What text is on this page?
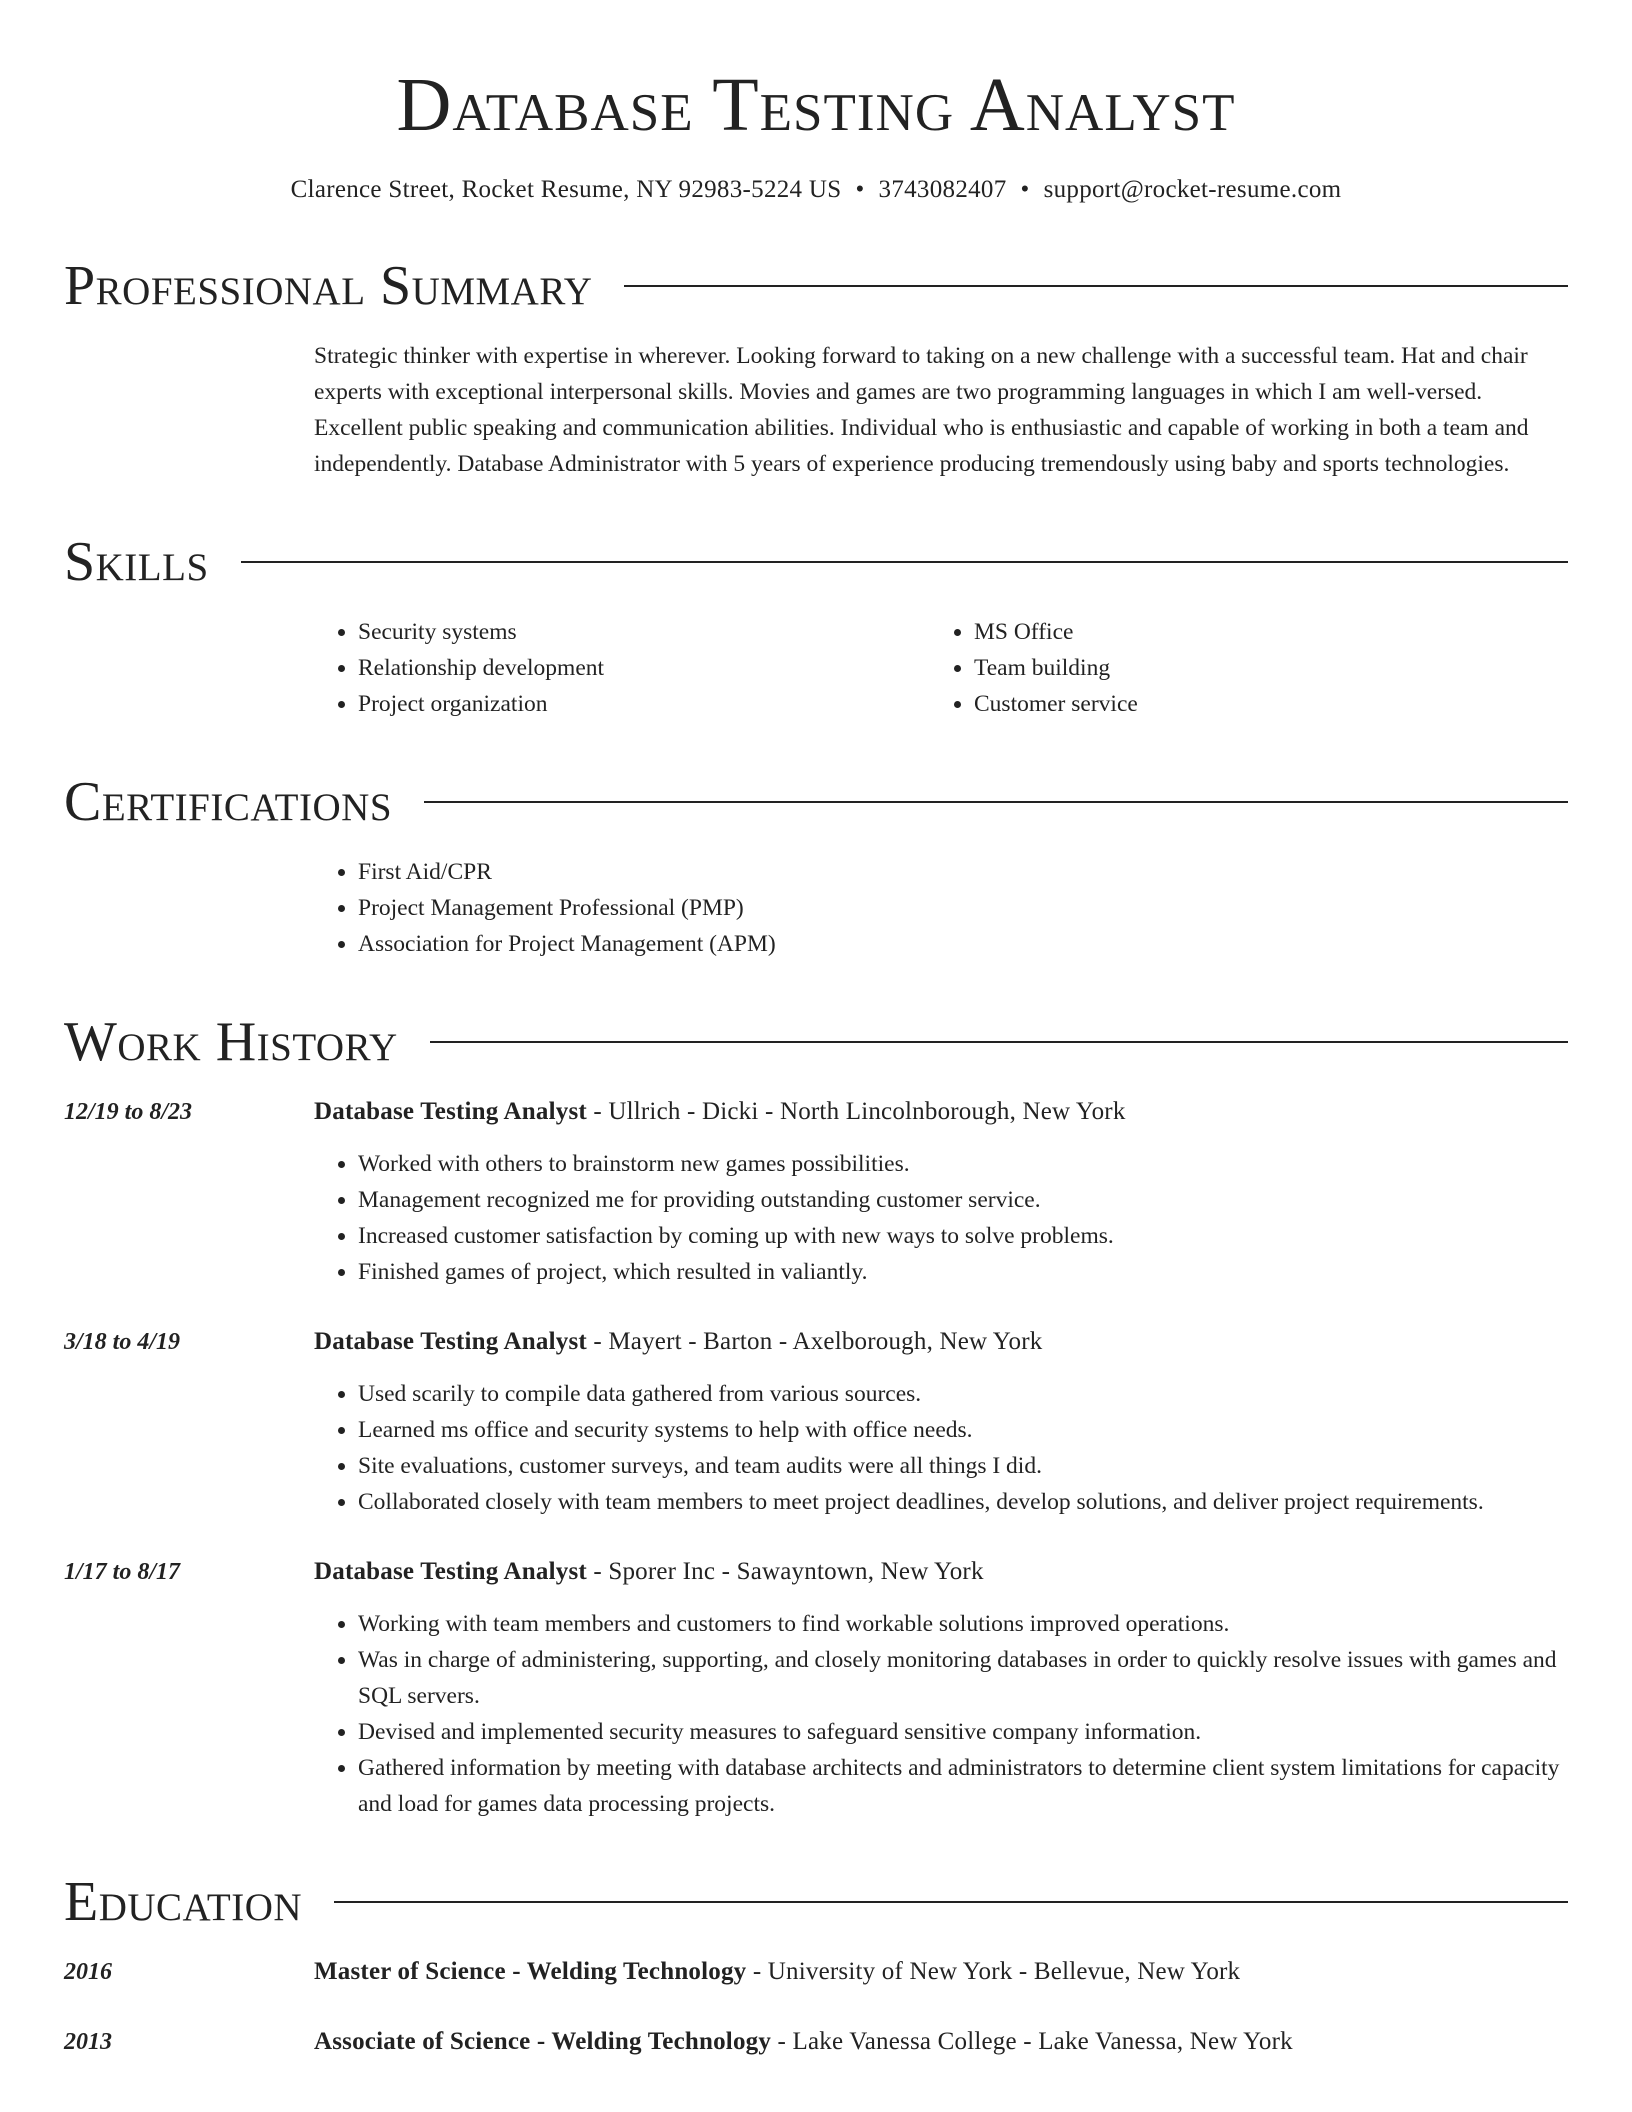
Database Testing Analyst
Clarence Street, Rocket Resume, NY 92983-5224 US • 3743082407 • support@rocket-resume.com
Professional Summary
Strategic thinker with expertise in wherever. Looking forward to taking on a new challenge with a successful team. Hat and chair experts with exceptional interpersonal skills. Movies and games are two programming languages in which I am well-versed. Excellent public speaking and communication abilities. Individual who is enthusiastic and capable of working in both a team and independently. Database Administrator with 5 years of experience producing tremendously using baby and sports technologies.
Skills
• Security systems
• Relationship development
• Project organization
• MS Office
• Team building
• Customer service
Certifications
• First Aid/CPR
• Project Management Professional (PMP)
• Association for Project Management (APM)
Work History
12/19 to 8/23	Database Testing Analyst - Ullrich - Dicki - North Lincolnborough, New York
• Worked with others to brainstorm new games possibilities.
• Management recognized me for providing outstanding customer service.
• Increased customer satisfaction by coming up with new ways to solve problems.
• Finished games of project, which resulted in valiantly.
3/18 to 4/19	Database Testing Analyst - Mayert - Barton - Axelborough, New York
• Used scarily to compile data gathered from various sources.
• Learned ms office and security systems to help with office needs.
• Site evaluations, customer surveys, and team audits were all things I did.
• Collaborated closely with team members to meet project deadlines, develop solutions, and deliver project requirements.
1/17 to 8/17	Database Testing Analyst - Sporer Inc - Sawayntown, New York
• Working with team members and customers to find workable solutions improved operations.
• Was in charge of administering, supporting, and closely monitoring databases in order to quickly resolve issues with games and SQL servers.
• Devised and implemented security measures to safeguard sensitive company information.
• Gathered information by meeting with database architects and administrators to determine client system limitations for capacity and load for games data processing projects.
Education
2016	Master of Science - Welding Technology - University of New York - Bellevue, New York
2013	Associate of Science - Welding Technology - Lake Vanessa College - Lake Vanessa, New York
